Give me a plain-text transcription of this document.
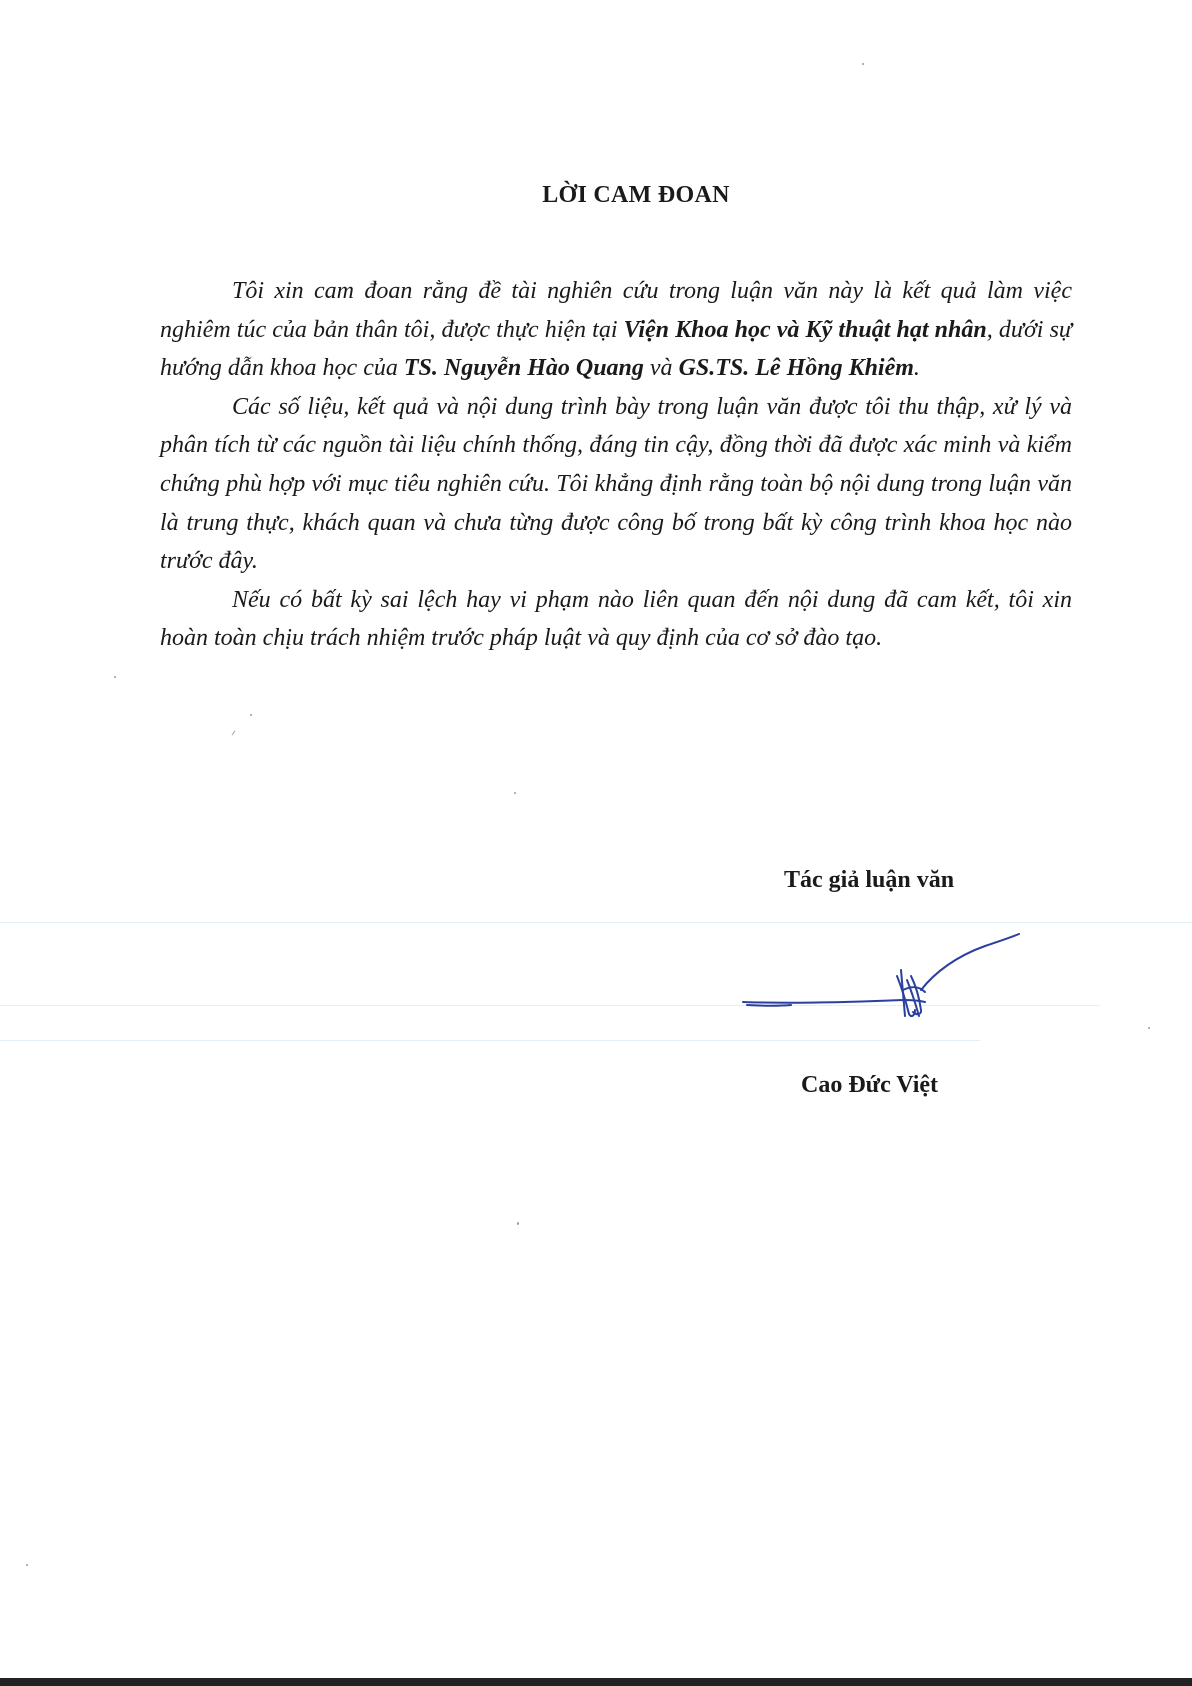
LỜI CAM ĐOAN

Tôi xin cam đoan rằng đề tài nghiên cứu trong luận văn này là kết quả làm việc nghiêm túc của bản thân tôi, được thực hiện tại Viện Khoa học và Kỹ thuật hạt nhân, dưới sự hướng dẫn khoa học của TS. Nguyễn Hào Quang và GS.TS. Lê Hồng Khiêm.

Các số liệu, kết quả và nội dung trình bày trong luận văn được tôi thu thập, xử lý và phân tích từ các nguồn tài liệu chính thống, đáng tin cậy, đồng thời đã được xác minh và kiểm chứng phù hợp với mục tiêu nghiên cứu. Tôi khẳng định rằng toàn bộ nội dung trong luận văn là trung thực, khách quan và chưa từng được công bố trong bất kỳ công trình khoa học nào trước đây.

Nếu có bất kỳ sai lệch hay vi phạm nào liên quan đến nội dung đã cam kết, tôi xin hoàn toàn chịu trách nhiệm trước pháp luật và quy định của cơ sở đào tạo.

Tác giả luận văn
Cao Đức Việt
